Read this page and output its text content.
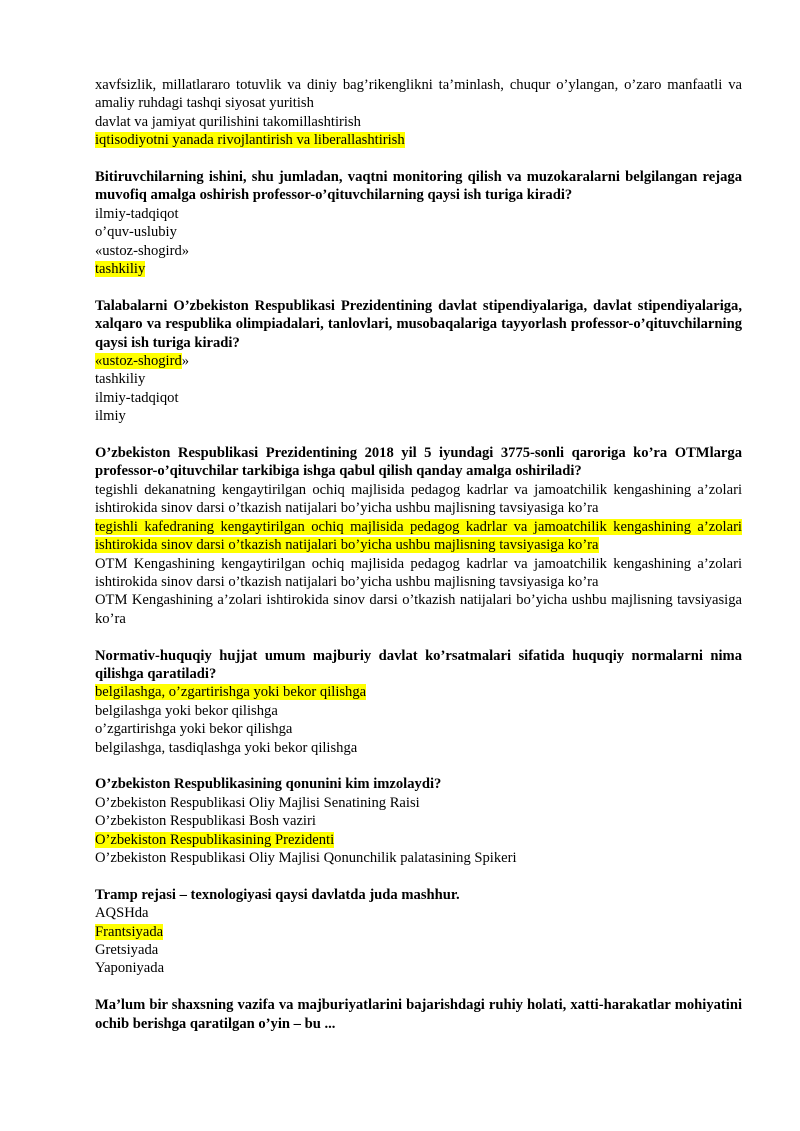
xavfsizlik, millatlararo totuvlik va diniy bag’rikenglikni ta’minlash, chuqur o’ylangan, o’zaro manfaatli va amaliy ruhdagi tashqi siyosat yuritish

davlat va jamiyat qurilishini takomillashtirish

iqtisodiyotni yanada rivojlantirish va liberallashtirish

Bitiruvchilarning ishini, shu jumladan, vaqtni monitoring qilish va muzokaralarni belgilangan rejaga muvofiq amalga oshirish professor-o’qituvchilarning qaysi ish turiga kiradi?

ilmiy-tadqiqot

o’quv-uslubiy

«ustoz-shogird»

tashkiliy

Talabalarni O’zbekiston Respublikasi Prezidentining davlat stipendiyalariga, davlat stipendiyalariga, xalqaro va respublika olimpiadalari, tanlovlari, musobaqalariga tayyorlash professor-o’qituvchilarning qaysi ish turiga kiradi?

«ustoz-shogird»

tashkiliy

ilmiy-tadqiqot

ilmiy

O’zbekiston Respublikasi Prezidentining 2018 yil 5 iyundagi 3775-sonli qaroriga ko’ra OTMlarga professor-o’qituvchilar tarkibiga ishga qabul qilish qanday amalga oshiriladi?

tegishli dekanatning kengaytirilgan ochiq majlisida pedagog kadrlar va jamoatchilik kengashining a’zolari ishtirokida sinov darsi o’tkazish natijalari bo’yicha ushbu majlisning tavsiyasiga ko’ra

tegishli kafedraning kengaytirilgan ochiq majlisida pedagog kadrlar va jamoatchilik kengashining a’zolari ishtirokida sinov darsi o’tkazish natijalari bo’yicha ushbu majlisning tavsiyasiga ko’ra

OTM Kengashining kengaytirilgan ochiq majlisida pedagog kadrlar va jamoatchilik kengashining a’zolari ishtirokida sinov darsi o’tkazish natijalari bo’yicha ushbu majlisning tavsiyasiga ko’ra

OTM Kengashining a’zolari ishtirokida sinov darsi o’tkazish natijalari bo’yicha ushbu majlisning tavsiyasiga ko’ra

Normativ-huquqiy hujjat umum majburiy davlat ko’rsatmalari sifatida huquqiy normalarni nima qilishga qaratiladi?

belgilashga, o’zgartirishga yoki bekor qilishga

belgilashga yoki bekor qilishga

o’zgartirishga yoki bekor qilishga

belgilashga, tasdiqlashga yoki bekor qilishga

O’zbekiston Respublikasining qonunini kim imzolaydi?

O’zbekiston Respublikasi Oliy Majlisi Senatining Raisi

O’zbekiston Respublikasi Bosh vaziri

O’zbekiston Respublikasining Prezidenti

O’zbekiston Respublikasi Oliy Majlisi Qonunchilik palatasining Spikeri

Tramp rejasi – texnologiyasi qaysi davlatda juda mashhur.

AQSHda

Frantsiyada

Gretsiyada

Yaponiyada

Ma’lum bir shaxsning vazifa va majburiyatlarini bajarishdagi ruhiy holati, xatti-harakatlar mohiyatini ochib berishga qaratilgan o’yin – bu ...
